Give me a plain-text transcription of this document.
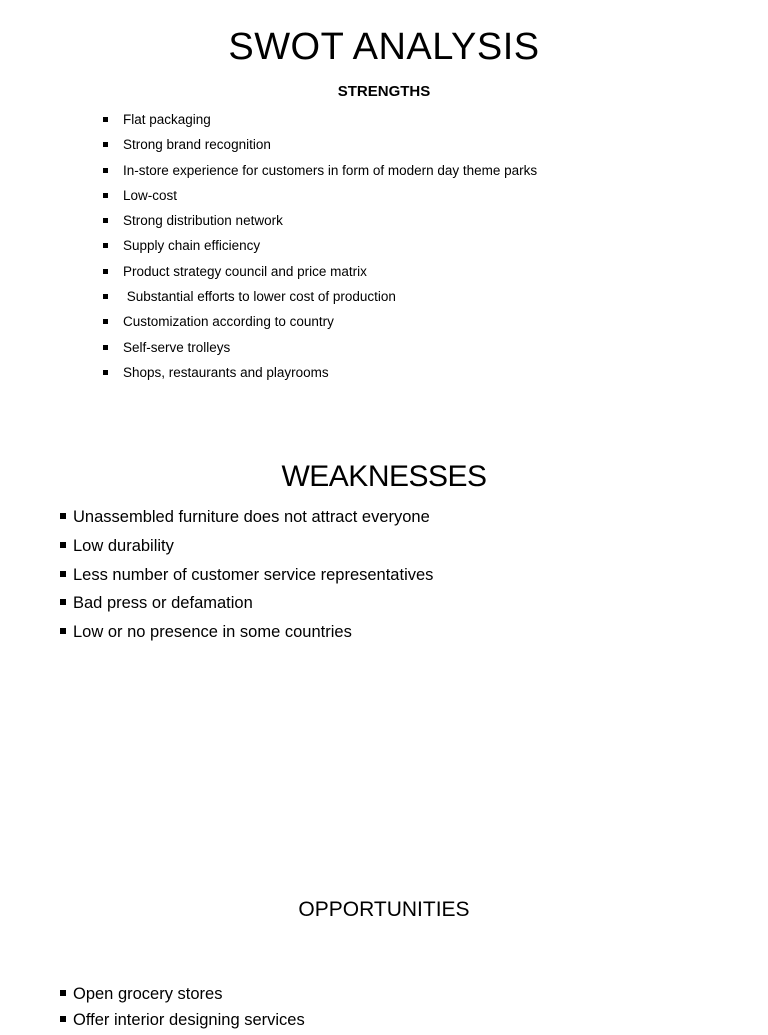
SWOT ANALYSIS
STRENGTHS
Flat packaging
Strong brand recognition
In-store experience for customers in form of modern day theme parks
Low-cost
Strong distribution network
Supply chain efficiency
Product strategy council and price matrix
Substantial efforts to lower cost of production
Customization according to country
Self-serve trolleys
Shops, restaurants and playrooms
WEAKNESSES
Unassembled furniture does not attract everyone
Low durability
Less number of customer service representatives
Bad press or defamation
Low or no presence in some countries
OPPORTUNITIES
Open grocery stores
Offer interior designing services
